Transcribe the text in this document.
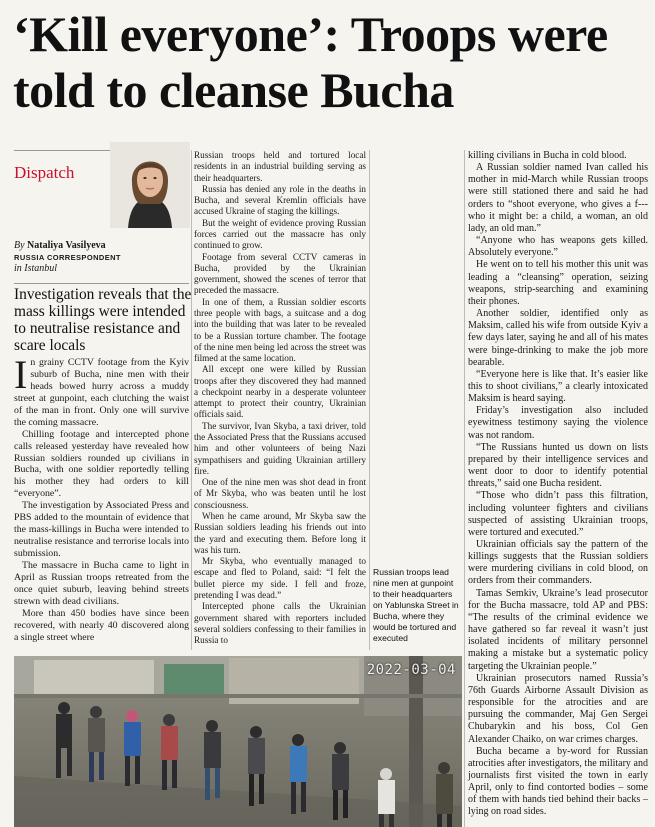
‘Kill everyone’: Troops were told to cleanse Bucha
Dispatch
By Nataliya Vasilyeva
RUSSIA CORRESPONDENT
in Istanbul
Investigation reveals that the mass killings were intended to neutralise resistance and scare locals

In grainy CCTV footage from the Kyiv suburb of Bucha, nine men with their heads bowed hurry across a muddy street at gunpoint, each clutching the waist of the man in front. Only one will survive the coming massacre.

Chilling footage and intercepted phone calls released yesterday have revealed how Russian soldiers rounded up civilians in Bucha, with one soldier reportedly telling his mother they had orders to kill “everyone”.

The investigation by Associated Press and PBS added to the mountain of evidence that the mass-killings in Bucha were intended to neutralise resistance and terrorise locals into submission.

The massacre in Bucha came to light in April as Russian troops retreated from the once quiet suburb, leaving behind streets strewn with dead civilians.

More than 450 bodies have since been recovered, with nearly 40 discovered along a single street where

Russian troops held and tortured local residents in an industrial building serving as their headquarters.

Russia has denied any role in the deaths in Bucha, and several Kremlin officials have accused Ukraine of staging the killings.

But the weight of evidence proving Russian forces carried out the massacre has only continued to grow.

Footage from several CCTV cameras in Bucha, provided by the Ukrainian government, showed the scenes of terror that preceded the massacre.

In one of them, a Russian soldier escorts three people with bags, a suitcase and a dog into the building that was later to be revealed to be a Russian torture chamber. The footage of the nine men being led across the street was filmed at the same location.

All except one were killed by Russian troops after they discovered they had manned a checkpoint nearby in a desperate volunteer attempt to protect their country, Ukrainian officials said.

The survivor, Ivan Skyba, a taxi driver, told the Associated Press that the Russians accused him and other volunteers of being Nazi sympathisers and guiding Ukrainian artillery fire.

One of the nine men was shot dead in front of Mr Skyba, who was beaten until he lost consciousness.

When he came around, Mr Skyba saw the Russian soldiers leading his friends out into the yard and executing them. Before long it was his turn.

Mr Skyba, who eventually managed to escape and fled to Poland, said: “I felt the bullet pierce my side. I fell and froze, pretending I was dead.”

Intercepted phone calls the Ukrainian government shared with reporters included several soldiers confessing to their families in Russia to

Russian troops lead nine men at gunpoint to their headquarters on Yablunska Street in Bucha, where they would be tortured and executed

killing civilians in Bucha in cold blood.

A Russian soldier named Ivan called his mother in mid-March while Russian troops were still stationed there and said he had orders to “shoot everyone, who gives a f--- who it might be: a child, a woman, an old lady, an old man.”

“Anyone who has weapons gets killed. Absolutely everyone.”

He went on to tell his mother this unit was leading a “cleansing” operation, seizing weapons, strip-searching and examining their phones.

Another soldier, identified only as Maksim, called his wife from outside Kyiv a few days later, saying he and all of his mates were binge-drinking to make the job more bearable.

“Everyone here is like that. It’s easier like this to shoot civilians,” a clearly intoxicated Maksim is heard saying.

Friday’s investigation also included eyewitness testimony saying the violence was not random.

“The Russians hunted us down on lists prepared by their intelligence services and went door to door to identify potential threats,” said one Bucha resident.

“Those who didn’t pass this filtration, including volunteer fighters and civilians suspected of assisting Ukrainian troops, were tortured and executed.”

Ukrainian officials say the pattern of the killings suggests that the Russian soldiers were murdering civilians in cold blood, on orders from their commanders.

Tamas Semkiv, Ukraine’s lead prosecutor for the Bucha massacre, told AP and PBS: “The results of the criminal evidence we have gathered so far reveal it wasn’t just isolated incidents of military personnel making a mistake but a systematic policy targeting the Ukrainian people.”

Ukrainian prosecutors named Russia’s 76th Guards Airborne Assault Division as responsible for the atrocities and are pursuing the commander, Maj Gen Sergei Chubarykin and his boss, Col Gen Alexander Chaiko, on war crimes charges.

Bucha became a by-word for Russian atrocities after investigators, the military and journalists first visited the town in early April, only to find contorted bodies – some of them with hands tied behind their backs – lying on road sides.

2022-03-04
